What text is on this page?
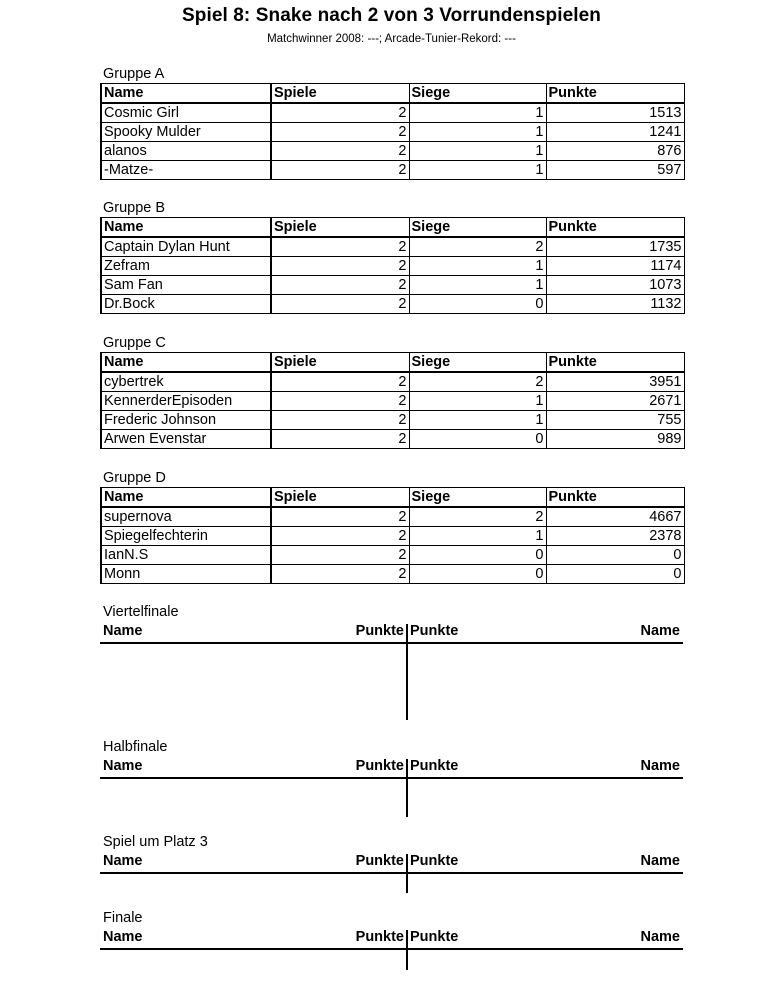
Spiel 8: Snake nach 2 von 3 Vorrundenspielen
Matchwinner 2008: ---; Arcade-Tunier-Rekord: ---
Gruppe A
Name	Spiele	Siege	Punkte
Cosmic Girl	2	1	1513
Spooky Mulder	2	1	1241
alanos	2	1	876
-Matze-	2	1	597
Gruppe B
Name	Spiele	Siege	Punkte
Captain Dylan Hunt	2	2	1735
Zefram	2	1	1174
Sam Fan	2	1	1073
Dr.Bock	2	0	1132
Gruppe C
Name	Spiele	Siege	Punkte
cybertrek	2	2	3951
KennerderEpisoden	2	1	2671
Frederic Johnson	2	1	755
Arwen Evenstar	2	0	989
Gruppe D
Name	Spiele	Siege	Punkte
supernova	2	2	4667
Spiegelfechterin	2	1	2378
IanN.S	2	0	0
Monn	2	0	0
Viertelfinale
Name	Punkte Punkte	Name
Halbfinale
Name	Punkte Punkte	Name
Spiel um Platz 3
Name	Punkte Punkte	Name
Finale
Name	Punkte Punkte	Name
